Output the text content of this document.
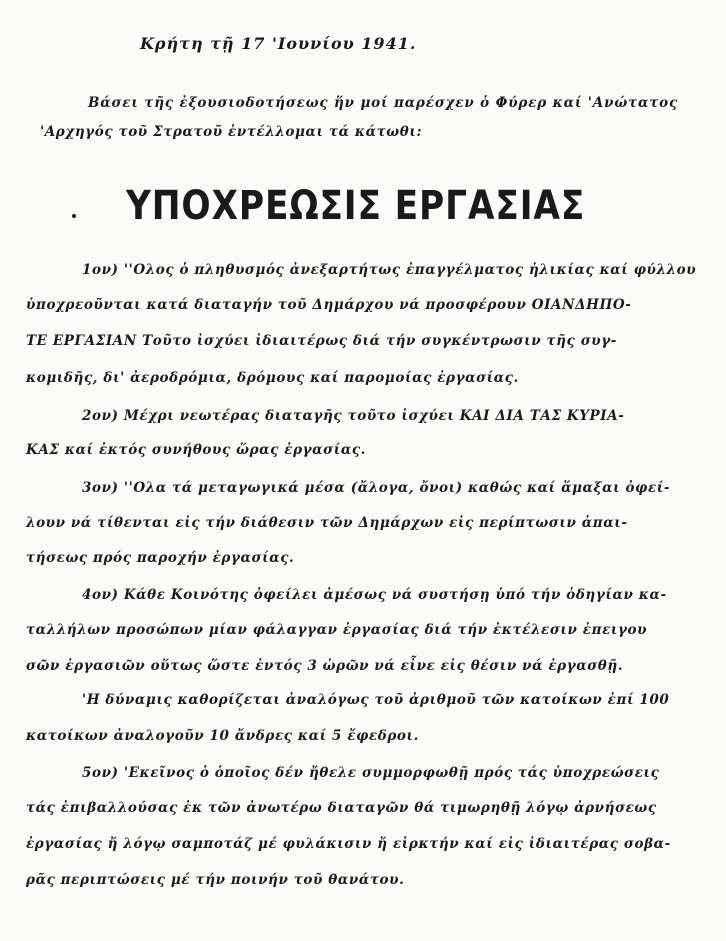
Κρήτη τῇ 17 'Ιουνίου 1941.
Βάσει τῆς ἐξουσιοδοτήσεως ἥν μοί παρέσχεν ὁ Φύρερ καί 'Ανώτατος
'Αρχηγός τοῦ Στρατοῦ ἐντέλλομαι τά κάτωθι:
ΥΠΟΧΡΕΩΣΙΣ ΕΡΓΑΣΙΑΣ
1ον) ''Ολος ὁ πληθυσμός ἀνεξαρτήτως ἐπαγγέλματος ἡλικίας καί φύλλου
ὑποχρεοῦνται κατά διαταγήν τοῦ Δημάρχου νά προσφέρουν ΟΙΑΝΔΗΠΟ-
ΤΕ ΕΡΓΑΣΙΑΝ Τοῦτο ἰσχύει ἰδιαιτέρως διά τήν συγκέντρωσιν τῆς συγ-
κομιδῆς, δι' ἀεροδρόμια, δρόμους καί παρομοίας ἐργασίας.
2ον) Μέχρι νεωτέρας διαταγῆς τοῦτο ἰσχύει ΚΑΙ ΔΙΑ ΤΑΣ ΚΥΡΙΑ-
ΚΑΣ καί ἐκτός συνήθους ὥρας ἐργασίας.
3ον) ''Ολα τά μεταγωγικά μέσα (ἄλογα, ὄνοι) καθώς καί ἅμαξαι ὀφεί-
λουν νά τίθενται εἰς τήν διάθεσιν τῶν Δημάρχων εἰς περίπτωσιν ἀπαι-
τήσεως πρός παροχήν ἐργασίας.
4ον) Κάθε Κοινότης ὀφείλει ἀμέσως νά συστήσῃ ὑπό τήν ὁδηγίαν κα-
ταλλήλων προσώπων μίαν φάλαγγαν ἐργασίας διά τήν ἐκτέλεσιν ἐπειγου
σῶν ἐργασιῶν οὕτως ὥστε ἐντός 3 ὡρῶν νά εἶνε εἰς θέσιν νά ἐργασθῇ.
'Η δύναμις καθορίζεται ἀναλόγως τοῦ ἀριθμοῦ τῶν κατοίκων ἐπί 100
κατοίκων ἀναλογοῦν 10 ἄνδρες καί 5 ἔφεδροι.
5ον) 'Εκεῖνος ὁ ὁποῖος δέν ἤθελε συμμορφωθῇ πρός τάς ὑποχρεώσεις
τάς ἐπιβαλλούσας ἐκ τῶν ἀνωτέρω διαταγῶν θά τιμωρηθῇ λόγῳ ἀρνήσεως
ἐργασίας ἤ λόγῳ σαμποτάζ μέ φυλάκισιν ἤ εἱρκτήν καί εἰς ἰδιαιτέρας σοβα-
ρᾶς περιπτώσεις μέ τήν ποινήν τοῦ θανάτου.
